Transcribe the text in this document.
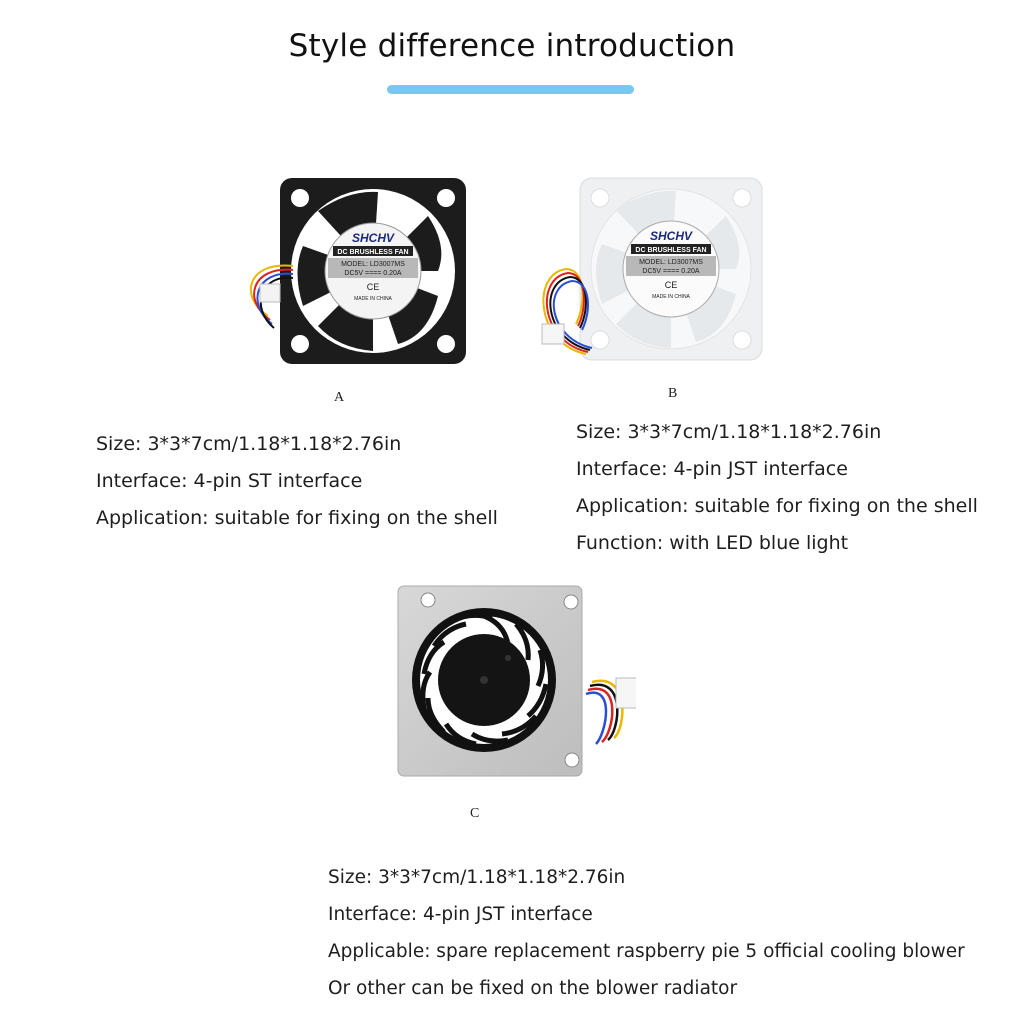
Style difference introduction
SHCHV
DC BRUSHLESS FAN
MODEL: LD3007MS
DC5V ==== 0.20A
CE
MADE IN CHINA
A
SHCHV
DC BRUSHLESS FAN
MODEL: LD3007MS
DC5V ==== 0.20A
CE
MADE IN CHINA
B
Size: 3*3*7cm/1.18*1.18*2.76in
Interface: 4-pin ST interface
Application: suitable for fixing on the shell
Size: 3*3*7cm/1.18*1.18*2.76in
Interface: 4-pin JST interface
Application: suitable for fixing on the shell
Function: with LED blue light
C
Size: 3*3*7cm/1.18*1.18*2.76in
Interface: 4-pin JST interface
Applicable: spare replacement raspberry pie 5 official cooling blower
Or other can be fixed on the blower radiator
